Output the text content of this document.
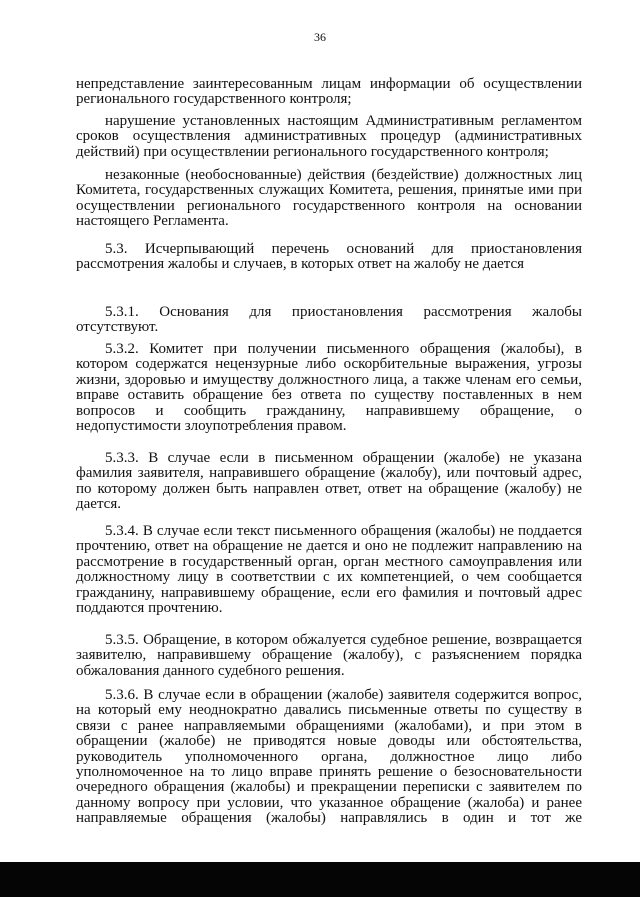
36

непредставление заинтересованным лицам информации об осуществлении регионального государственного контроля;

нарушение установленных настоящим Административным регламентом сроков осуществления административных процедур (административных действий) при осуществлении регионального государственного контроля;

незаконные (необоснованные) действия (бездействие) должностных лиц Комитета, государственных служащих Комитета, решения, принятые ими при осуществлении регионального государственного контроля на основании настоящего Регламента.

5.3. Исчерпывающий перечень оснований для приостановления рассмотрения жалобы и случаев, в которых ответ на жалобу не дается

5.3.1. Основания для приостановления рассмотрения жалобы отсутствуют.

5.3.2. Комитет при получении письменного обращения (жалобы), в котором содержатся нецензурные либо оскорбительные выражения, угрозы жизни, здоровью и имуществу должностного лица, а также членам его семьи, вправе оставить обращение без ответа по существу поставленных в нем вопросов и сообщить гражданину, направившему обращение, о недопустимости злоупотребления правом.

5.3.3. В случае если в письменном обращении (жалобе) не указана фамилия заявителя, направившего обращение (жалобу), или почтовый адрес, по которому должен быть направлен ответ, ответ на обращение (жалобу) не дается.

5.3.4. В случае если текст письменного обращения (жалобы) не поддается прочтению, ответ на обращение не дается и оно не подлежит направлению на рассмотрение в государственный орган, орган местного самоуправления или должностному лицу в соответствии с их компетенцией, о чем сообщается гражданину, направившему обращение, если его фамилия и почтовый адрес поддаются прочтению.

5.3.5. Обращение, в котором обжалуется судебное решение, возвращается заявителю, направившему обращение (жалобу), с разъяснением порядка обжалования данного судебного решения.

5.3.6. В случае если в обращении (жалобе) заявителя содержится вопрос, на который ему неоднократно давались письменные ответы по существу в связи с ранее направляемыми обращениями (жалобами), и при этом в обращении (жалобе) не приводятся новые доводы или обстоятельства, руководитель уполномоченного органа, должностное лицо либо уполномоченное на то лицо вправе принять решение о безосновательности очередного обращения (жалобы) и прекращении переписки с заявителем по данному вопросу при условии, что указанное обращение (жалоба) и ранее направляемые обращения (жалобы) направлялись в один и тот же
